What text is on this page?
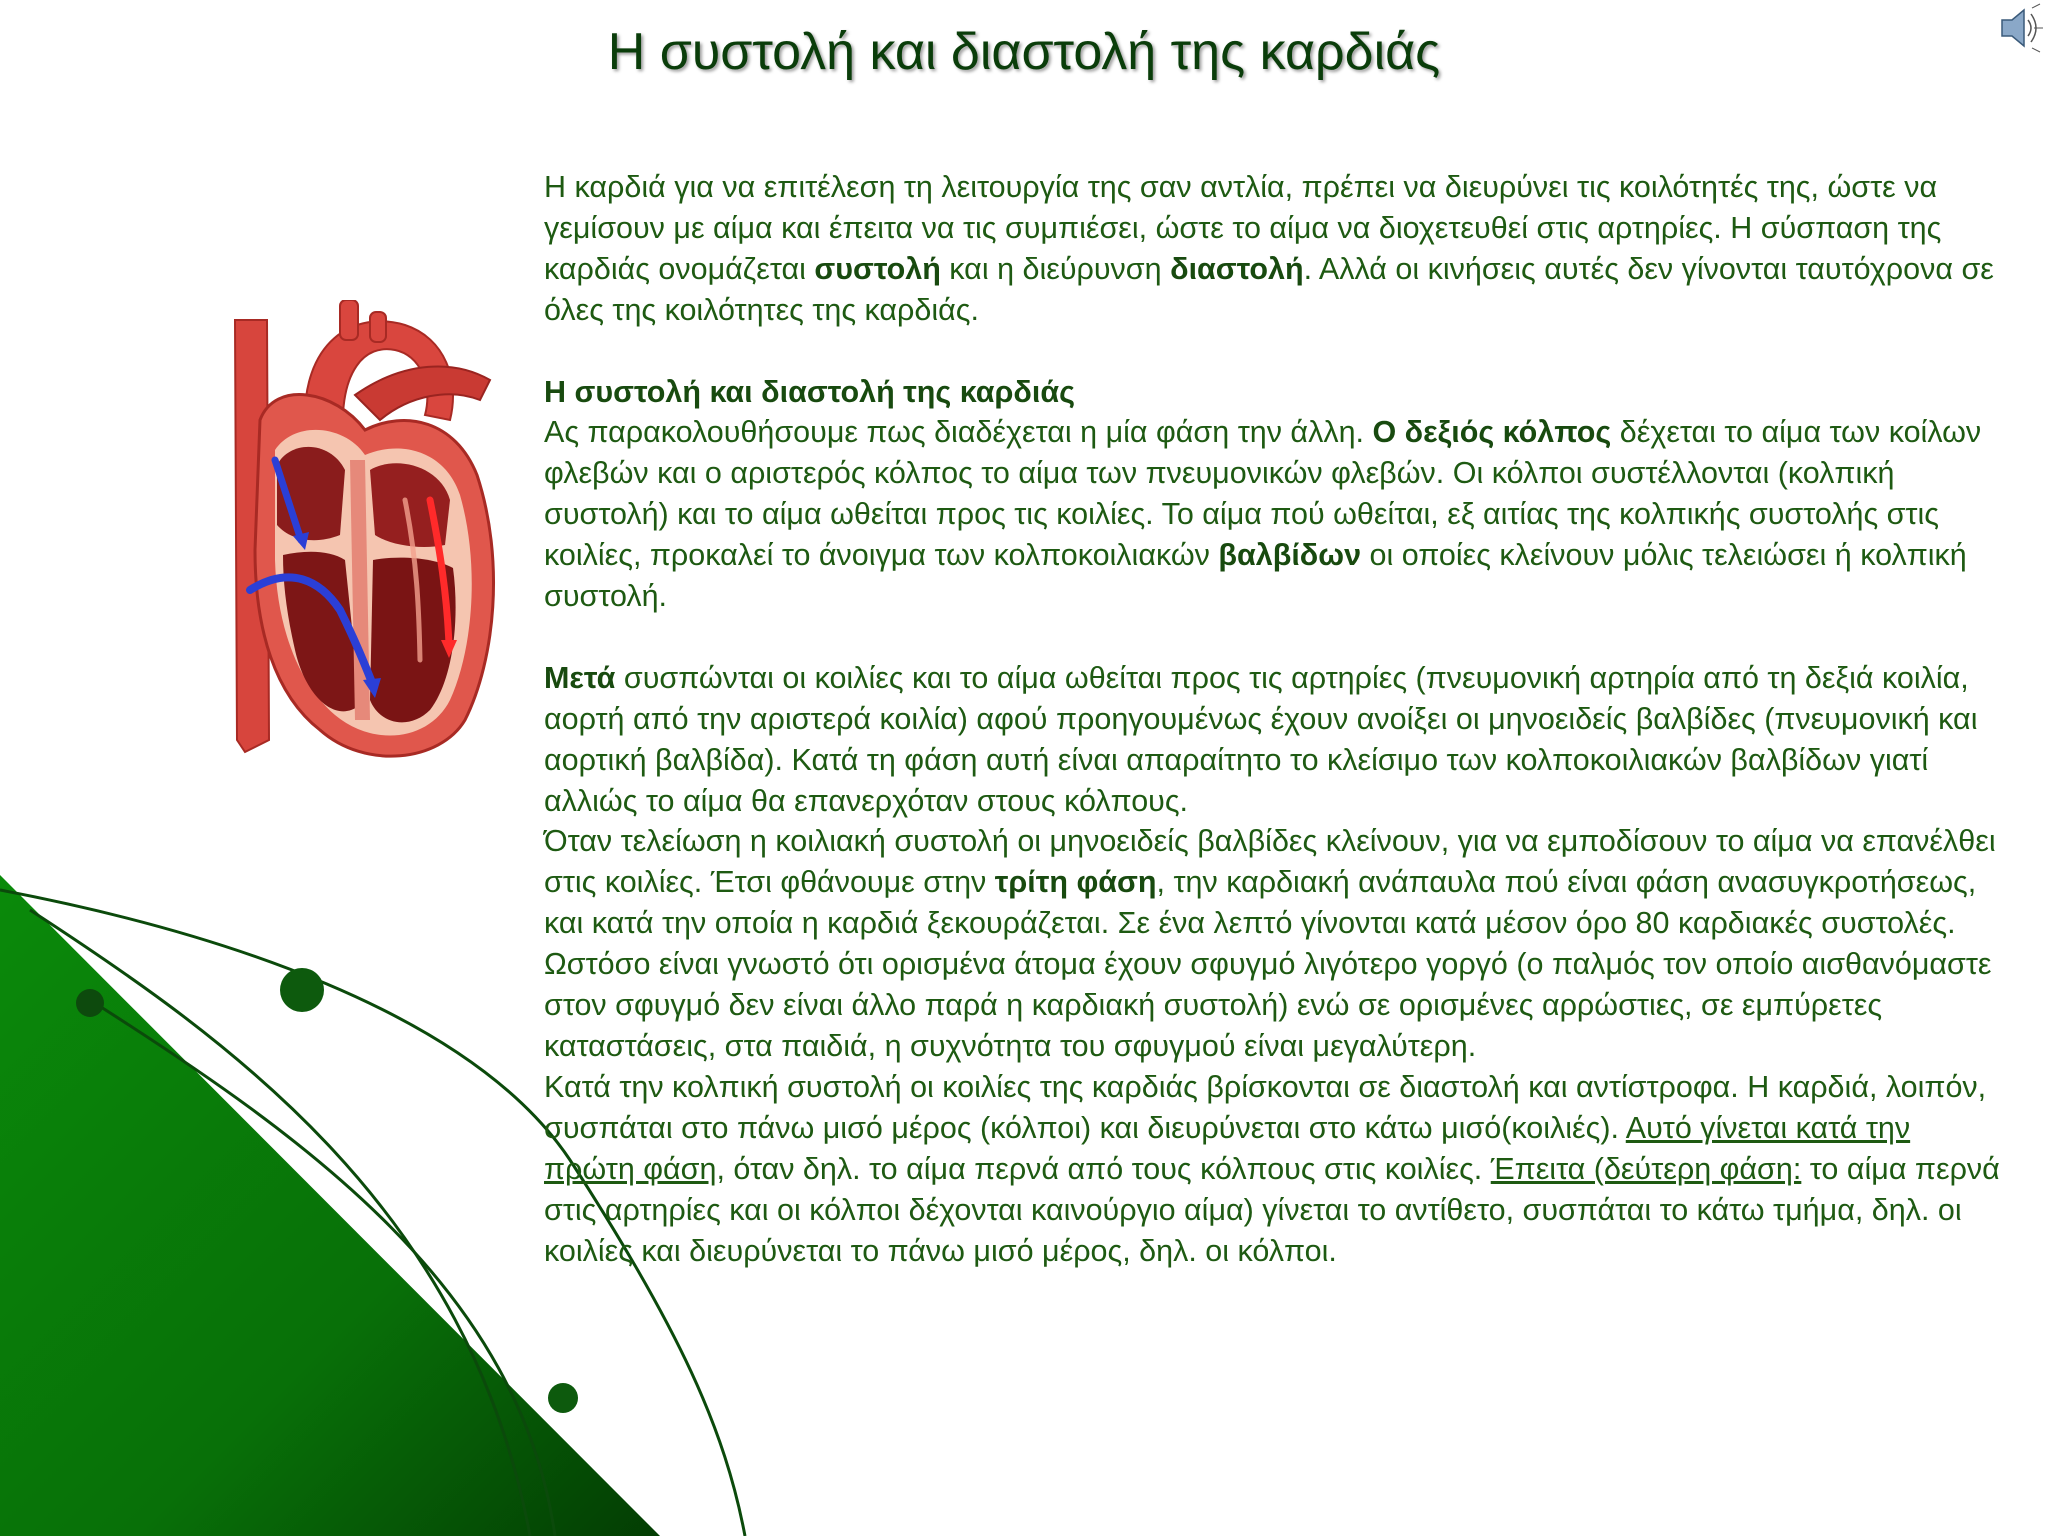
Η συστολή και διαστολή της καρδιάς

Η καρδιά για να επιτέλεση τη λειτουργία της σαν αντλία, πρέπει να διευρύνει τις κοιλότητές της, ώστε να γεμίσουν με αίμα και έπειτα να τις συμπιέσει, ώστε το αίμα να διοχετευθεί στις αρτηρίες. Η σύσπαση της καρδιάς ονομάζεται συστολή και η διεύρυνση διαστολή. Αλλά οι κινήσεις αυτές δεν γίνονται ταυτόχρονα σε όλες της κοιλότητες της καρδιάς.

Η συστολή και διαστολή της καρδιάς

Ας παρακολουθήσουμε πως διαδέχεται η μία φάση την άλλη. Ο δεξιός κόλπος δέχεται το αίμα των κοίλων φλεβών και ο αριστερός κόλπος το αίμα των πνευμονικών φλεβών. Οι κόλποι συστέλλονται (κολπική συστολή) και το αίμα ωθείται προς τις κοιλίες. Το αίμα πού ωθείται, εξ αιτίας της κολπικής συστολής στις κοιλίες, προκαλεί το άνοιγμα των κολποκοιλιακών βαλβίδων οι οποίες κλείνουν μόλις τελειώσει ή κολπική συστολή.

Μετά συσπώνται οι κοιλίες και το αίμα ωθείται προς τις αρτηρίες (πνευμονική αρτηρία από τη δεξιά κοιλία, αορτή από την αριστερά κοιλία) αφού προηγουμένως έχουν ανοίξει οι μηνοειδείς βαλβίδες (πνευμονική και αορτική βαλβίδα). Κατά τη φάση αυτή είναι απαραίτητο το κλείσιμο των κολποκοιλιακών βαλβίδων γιατί αλλιώς το αίμα θα επανερχόταν στους κόλπους.

Όταν τελείωση η κοιλιακή συστολή οι μηνοειδείς βαλβίδες κλείνουν, για να εμποδίσουν το αίμα να επανέλθει στις κοιλίες. Έτσι φθάνουμε στην τρίτη φάση, την καρδιακή ανάπαυλα πού είναι φάση ανασυγκροτήσεως, και κατά την οποία η καρδιά ξεκουράζεται. Σε ένα λεπτό γίνονται κατά μέσον όρο 80 καρδιακές συστολές. Ωστόσο είναι γνωστό ότι ορισμένα άτομα έχουν σφυγμό λιγότερο γοργό (ο παλμός τον οποίο αισθανόμαστε στον σφυγμό δεν είναι άλλο παρά η καρδιακή συστολή) ενώ σε ορισμένες αρρώστιες, σε εμπύρετες καταστάσεις, στα παιδιά, η συχνότητα του σφυγμού είναι μεγαλύτερη.

Κατά την κολπική συστολή οι κοιλίες της καρδιάς βρίσκονται σε διαστολή και αντίστροφα. Η καρδιά, λοιπόν, συσπάται στο πάνω μισό μέρος (κόλποι) και διευρύνεται στο κάτω μισό(κοιλιές). Αυτό γίνεται κατά την πρώτη φάση, όταν δηλ. το αίμα περνά από τους κόλπους στις κοιλίες. Έπειτα (δεύτερη φάση: το αίμα περνά στις αρτηρίες και οι κόλποι δέχονται καινούργιο αίμα) γίνεται το αντίθετο, συσπάται το κάτω τμήμα, δηλ. οι κοιλίες και διευρύνεται το πάνω μισό μέρος, δηλ. οι κόλποι.
